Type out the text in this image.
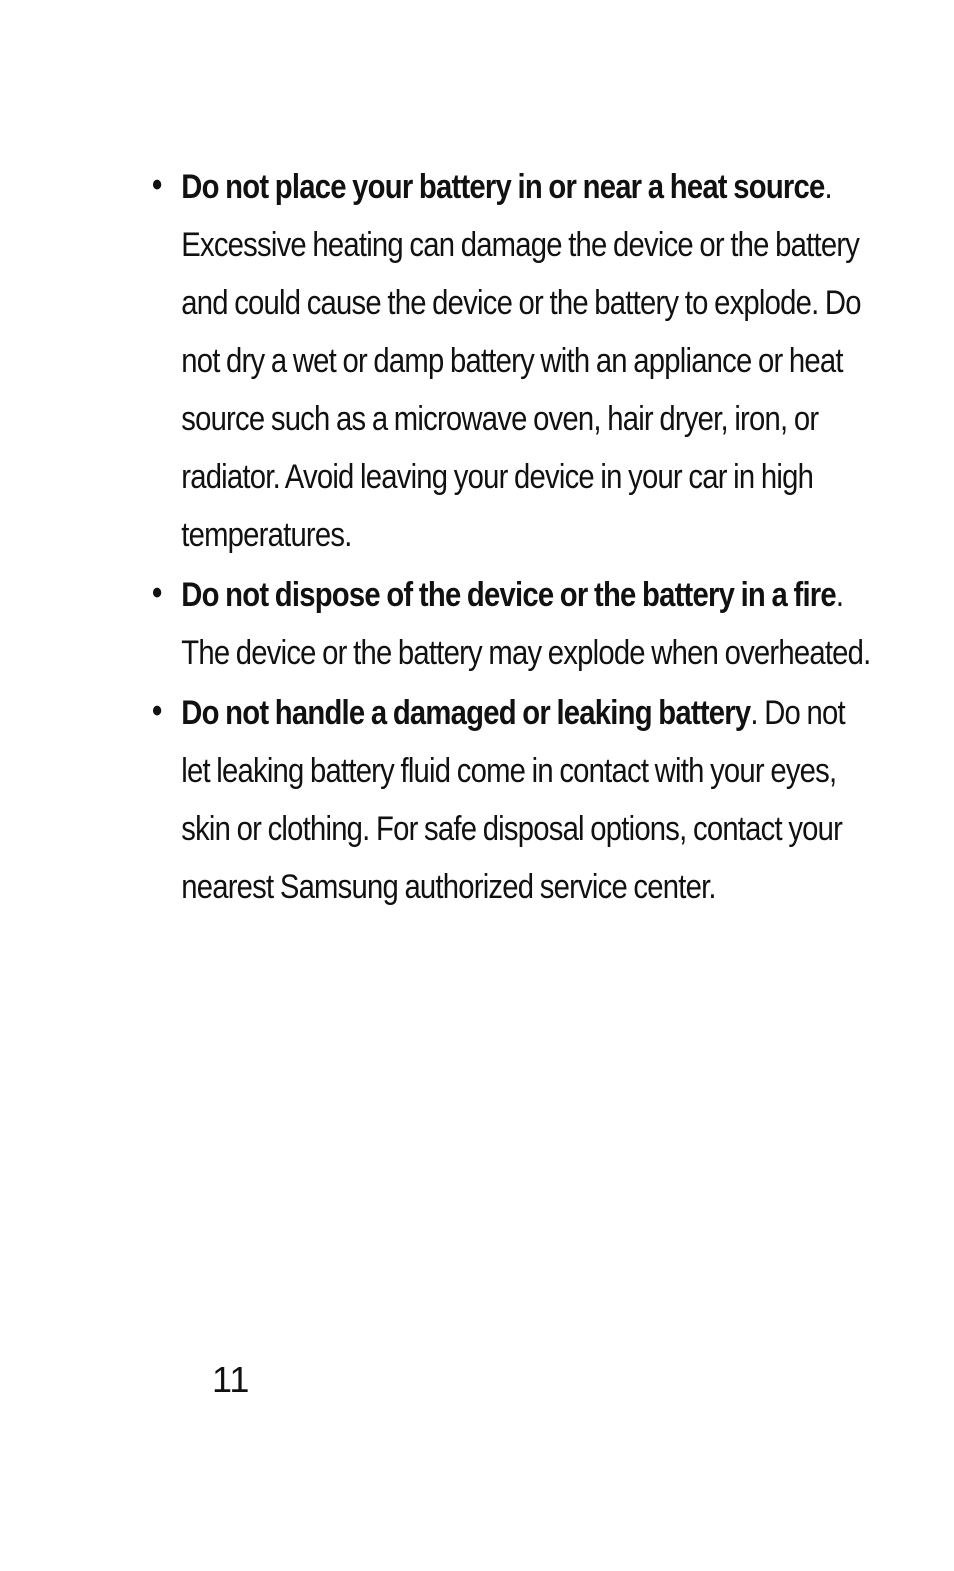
• Do not place your battery in or near a heat source. Excessive heating can damage the device or the battery and could cause the device or the battery to explode. Do not dry a wet or damp battery with an appliance or heat source such as a microwave oven, hair dryer, iron, or radiator. Avoid leaving your device in your car in high temperatures.
• Do not dispose of the device or the battery in a fire. The device or the battery may explode when overheated.
• Do not handle a damaged or leaking battery. Do not let leaking battery fluid come in contact with your eyes, skin or clothing. For safe disposal options, contact your nearest Samsung authorized service center.
11
